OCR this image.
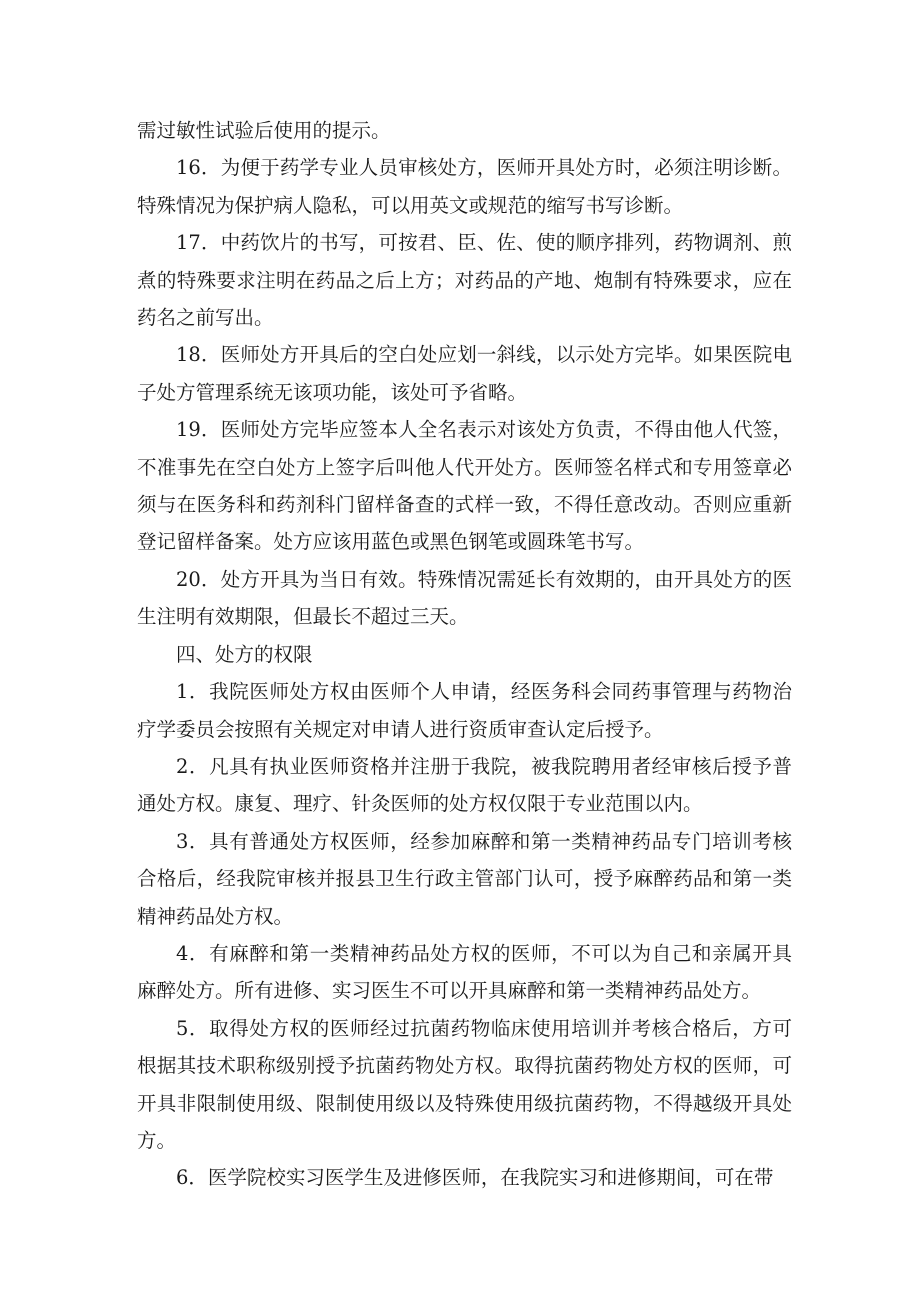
需过敏性试验后使用的提示。

16．为便于药学专业人员审核处方，医师开具处方时，必须注明诊断。特殊情况为保护病人隐私，可以用英文或规范的缩写书写诊断。

17．中药饮片的书写，可按君、臣、佐、使的顺序排列，药物调剂、煎煮的特殊要求注明在药品之后上方；对药品的产地、炮制有特殊要求，应在药名之前写出。

18．医师处方开具后的空白处应划一斜线，以示处方完毕。如果医院电子处方管理系统无该项功能，该处可予省略。

19．医师处方完毕应签本人全名表示对该处方负责，不得由他人代签，不准事先在空白处方上签字后叫他人代开处方。医师签名样式和专用签章必须与在医务科和药剂科门留样备查的式样一致，不得任意改动。否则应重新登记留样备案。处方应该用蓝色或黑色钢笔或圆珠笔书写。

20．处方开具为当日有效。特殊情况需延长有效期的，由开具处方的医生注明有效期限，但最长不超过三天。

四、处方的权限

1．我院医师处方权由医师个人申请，经医务科会同药事管理与药物治疗学委员会按照有关规定对申请人进行资质审查认定后授予。

2．凡具有执业医师资格并注册于我院，被我院聘用者经审核后授予普通处方权。康复、理疗、针灸医师的处方权仅限于专业范围以内。

3．具有普通处方权医师，经参加麻醉和第一类精神药品专门培训考核合格后，经我院审核并报县卫生行政主管部门认可，授予麻醉药品和第一类精神药品处方权。

4．有麻醉和第一类精神药品处方权的医师，不可以为自己和亲属开具麻醉处方。所有进修、实习医生不可以开具麻醉和第一类精神药品处方。

5．取得处方权的医师经过抗菌药物临床使用培训并考核合格后，方可根据其技术职称级别授予抗菌药物处方权。取得抗菌药物处方权的医师，可开具非限制使用级、限制使用级以及特殊使用级抗菌药物，不得越级开具处方。

6．医学院校实习医学生及进修医师，在我院实习和进修期间，可在带
